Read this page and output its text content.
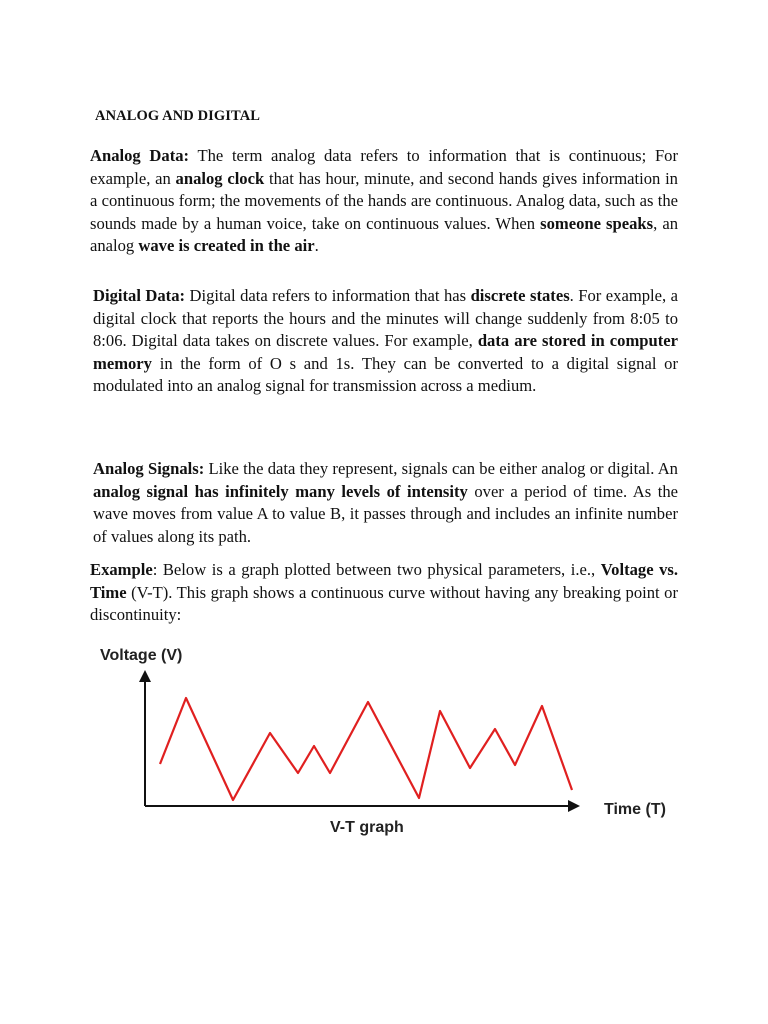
ANALOG AND DIGITAL

Analog Data: The term analog data refers to information that is continuous; For example, an analog clock that has hour, minute, and second hands gives information in a continuous form; the movements of the hands are continuous. Analog data, such as the sounds made by a human voice, take on continuous values. When someone speaks, an analog wave is created in the air.

Digital Data: Digital data refers to information that has discrete states. For example, a digital clock that reports the hours and the minutes will change suddenly from 8:05 to 8:06. Digital data takes on discrete values. For example, data are stored in computer memory in the form of O s and 1s. They can be converted to a digital signal or modulated into an analog signal for transmission across a medium.

Analog Signals: Like the data they represent, signals can be either analog or digital. An analog signal has infinitely many levels of intensity over a period of time. As the wave moves from value A to value B, it passes through and includes an infinite number of values along its path.

Example: Below is a graph plotted between two physical parameters, i.e., Voltage vs. Time (V-T). This graph shows a continuous curve without having any breaking point or discontinuity:

Voltage (V)
Time (T)
V-T graph
